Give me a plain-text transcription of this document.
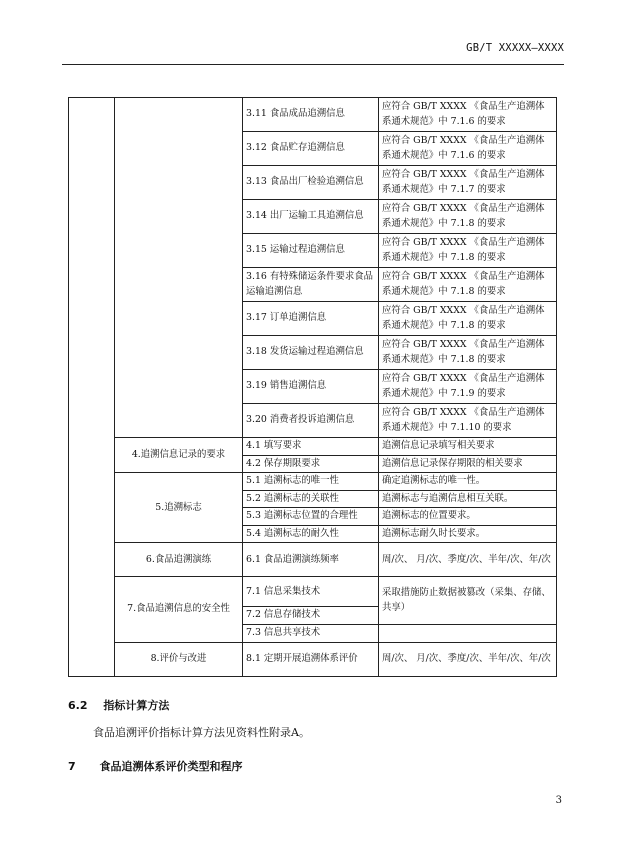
GB/T XXXXX—XXXX
		3.11 食品成品追溯信息	应符合 GB/T XXXX 《食品生产追溯体系通术规范》中 7.1.6 的要求
		3.12 食品贮存追溯信息	应符合 GB/T XXXX 《食品生产追溯体系通术规范》中 7.1.6 的要求
		3.13 食品出厂检验追溯信息	应符合 GB/T XXXX 《食品生产追溯体系通术规范》中 7.1.7 的要求
		3.14 出厂运输工具追溯信息	应符合 GB/T XXXX 《食品生产追溯体系通术规范》中 7.1.8 的要求
		3.15 运输过程追溯信息	应符合 GB/T XXXX 《食品生产追溯体系通术规范》中 7.1.8 的要求
		3.16 有特殊储运条件要求食品运输追溯信息	应符合 GB/T XXXX 《食品生产追溯体系通术规范》中 7.1.8 的要求
		3.17 订单追溯信息	应符合 GB/T XXXX 《食品生产追溯体系通术规范》中 7.1.8 的要求
		3.18 发货运输过程追溯信息	应符合 GB/T XXXX 《食品生产追溯体系通术规范》中 7.1.8 的要求
		3.19 销售追溯信息	应符合 GB/T XXXX 《食品生产追溯体系通术规范》中 7.1.9 的要求
		3.20 消费者投诉追溯信息	应符合 GB/T XXXX 《食品生产追溯体系通术规范》中 7.1.10 的要求
	4.追溯信息记录的要求	4.1 填写要求	追溯信息记录填写相关要求
		4.2 保存期限要求	追溯信息记录保存期限的相关要求
	5.追溯标志	5.1 追溯标志的唯一性	确定追溯标志的唯一性。
		5.2 追溯标志的关联性	追溯标志与追溯信息相互关联。
		5.3 追溯标志位置的合理性	追溯标志的位置要求。
		5.4 追溯标志的耐久性	追溯标志耐久时长要求。
	6.食品追溯演练	6.1 食品追溯演练频率	周/次、 月/次、季度/次、半年/次、年/次
	7.食品追溯信息的安全性	7.1 信息采集技术	采取措施防止数据被篡改（采集、存储、共享）
		7.2 信息存储技术	
		7.3 信息共享技术	
	8.评价与改进	8.1 定期开展追溯体系评价	周/次、 月/次、季度/次、半年/次、年/次
6.2 指标计算方法
食品追溯评价指标计算方法见资料性附录A。
7 食品追溯体系评价类型和程序
3
